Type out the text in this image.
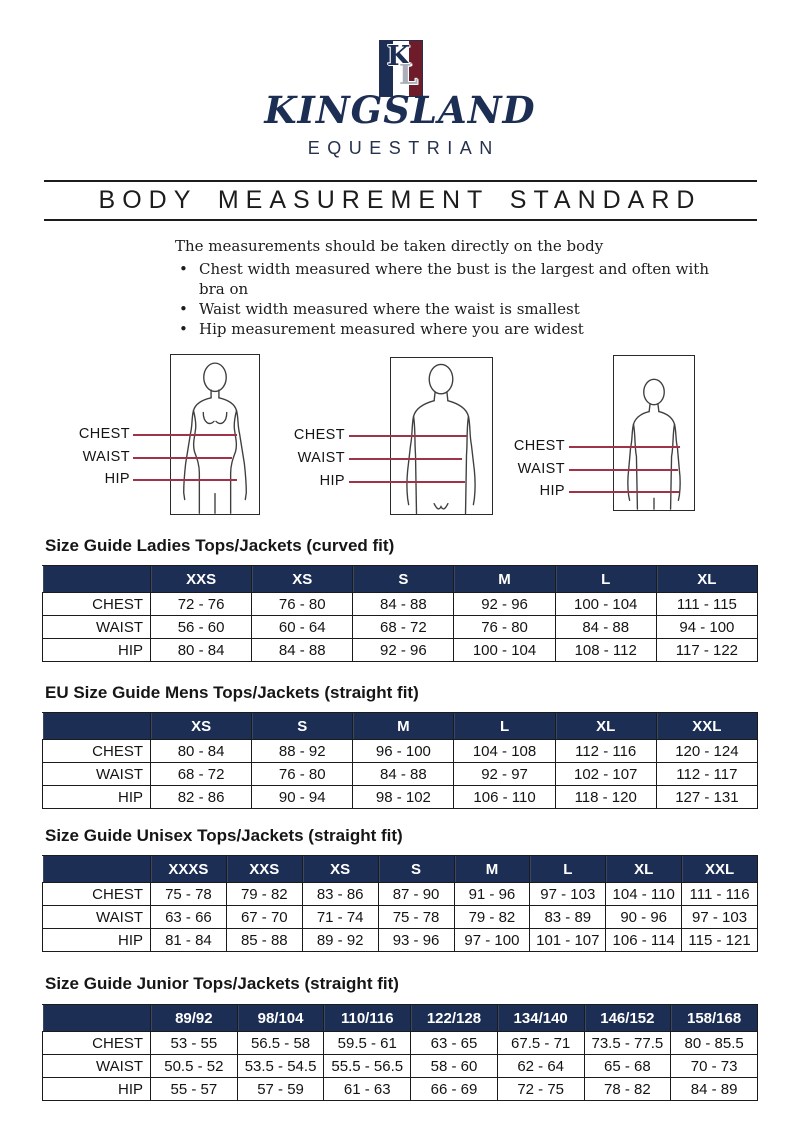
K
L
KINGSLAND
EQUESTRIAN
BODY MEASUREMENT STANDARD

The measurements should be taken directly on the body

• Chest width measured where the bust is the largest and often with bra on
• Waist width measured where the waist is smallest
• Hip measurement measured where you are widest
CHEST
WAIST
HIP
CHEST
WAIST
HIP
CHEST
WAIST
HIP
Size Guide Ladies Tops/Jackets (curved fit)
	XXS	XS	S	M	L	XL
CHEST	72 - 76	76 - 80	84 - 88	92 - 96	100 - 104	111 - 115
WAIST	56 - 60	60 - 64	68 - 72	76 - 80	84 - 88	94 - 100
HIP	80 - 84	84 - 88	92 - 96	100 - 104	108 - 112	117 - 122
EU Size Guide Mens Tops/Jackets (straight fit)
	XS	S	M	L	XL	XXL
CHEST	80 - 84	88 - 92	96 - 100	104 - 108	112 - 116	120 - 124
WAIST	68 - 72	76 - 80	84 - 88	92 - 97	102 - 107	112 - 117
HIP	82 - 86	90 - 94	98 - 102	106 - 110	118 - 120	127 - 131
Size Guide Unisex Tops/Jackets (straight fit)
	XXXS	XXS	XS	S	M	L	XL	XXL
CHEST	75 - 78	79 - 82	83 - 86	87 - 90	91 - 96	97 - 103	104 - 110	111 - 116
WAIST	63 - 66	67 - 70	71 - 74	75 - 78	79 - 82	83 - 89	90 - 96	97 - 103
HIP	81 - 84	85 - 88	89 - 92	93 - 96	97 - 100	101 - 107	106 - 114	115 - 121
Size Guide Junior Tops/Jackets (straight fit)
	89/92	98/104	110/116	122/128	134/140	146/152	158/168
CHEST	53 - 55	56.5 - 58	59.5 - 61	63 - 65	67.5 - 71	73.5 - 77.5	80 - 85.5
WAIST	50.5 - 52	53.5 - 54.5	55.5 - 56.5	58 - 60	62 - 64	65 - 68	70 - 73
HIP	55 - 57	57 - 59	61 - 63	66 - 69	72 - 75	78 - 82	84 - 89
